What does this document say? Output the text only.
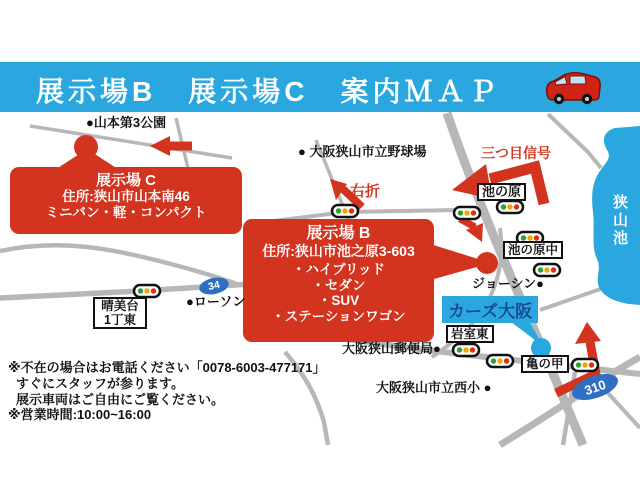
展示場B　展示場C　案内ＭＡＰ
展示場 C
住所:狭山市山本南46
ミニバン・軽・コンパクト
展示場 B
住所:狭山市池之原3-603
・ハイブリッド
・セダン
・SUV
・ステーションワゴン
●山本第3公園
● 大阪狭山市立野球場
右折
三つ目信号
ジョーシン●
●ローソン
大阪狭山郵便局●
大阪狭山市立西小 ●
狭山池
池の原
池の原中
晴美台
1丁東
岩室東
亀の甲
カーズ大阪
34
310
※不在の場合はお電話ください「0078-6003-477171」
すぐにスタッフが参ります。
展示車両はご自由にご覧ください。
※営業時間:10:00~16:00
